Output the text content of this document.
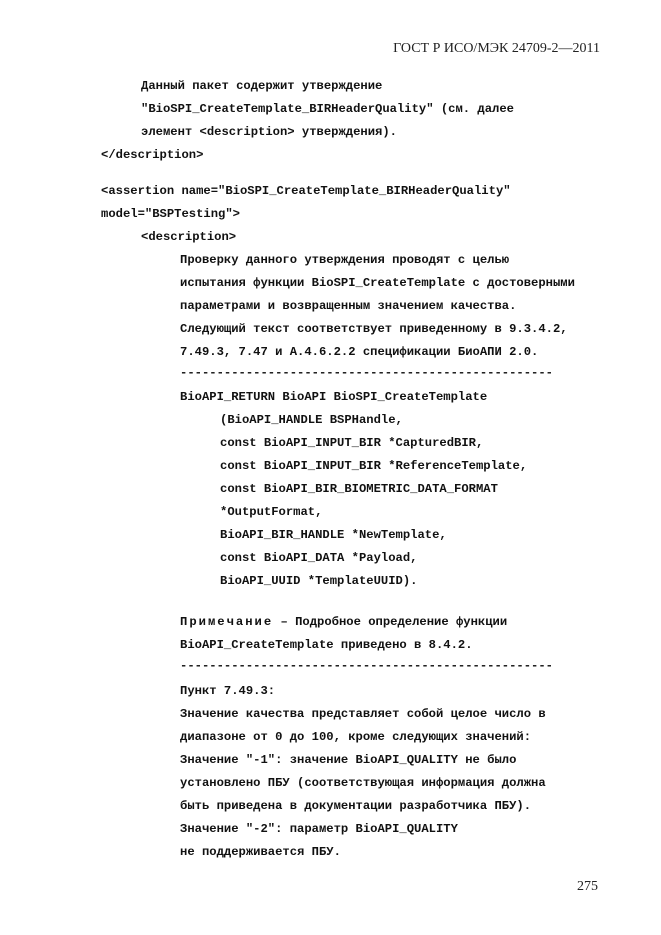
ГОСТ Р ИСО/МЭК 24709-2—2011
Данный пакет содержит утверждение
"BioSPI_CreateTemplate_BIRHeaderQuality" (см. далее
элемент <description> утверждения).
</description>
<assertion name="BioSPI_CreateTemplate_BIRHeaderQuality"
model="BSPTesting">
<description>
Проверку данного утверждения проводят с целью
испытания функции BioSPI_CreateTemplate с достоверными
параметрами и возвращенным значением качества.
Следующий текст соответствует приведенному в 9.3.4.2,
7.49.3, 7.47 и А.4.6.2.2 спецификации БиоАПИ 2.0.
---------------------------------------------------
BioAPI_RETURN BioAPI BioSPI_CreateTemplate
(BioAPI_HANDLE BSPHandle,
const BioAPI_INPUT_BIR *CapturedBIR,
const BioAPI_INPUT_BIR *ReferenceTemplate,
const BioAPI_BIR_BIOMETRIC_DATA_FORMAT
*OutputFormat,
BioAPI_BIR_HANDLE *NewTemplate,
const BioAPI_DATA *Payload,
BioAPI_UUID *TemplateUUID).
Примечание – Подробное определение функции
BioAPI_CreateTemplate приведено в 8.4.2.
---------------------------------------------------
Пункт 7.49.3:
Значение качества представляет собой целое число в
диапазоне от 0 до 100, кроме следующих значений:
Значение "-1": значение BioAPI_QUALITY не было
установлено ПБУ (соответствующая информация должна
быть приведена в документации разработчика ПБУ).
Значение "-2": параметр BioAPI_QUALITY
не поддерживается ПБУ.
275
